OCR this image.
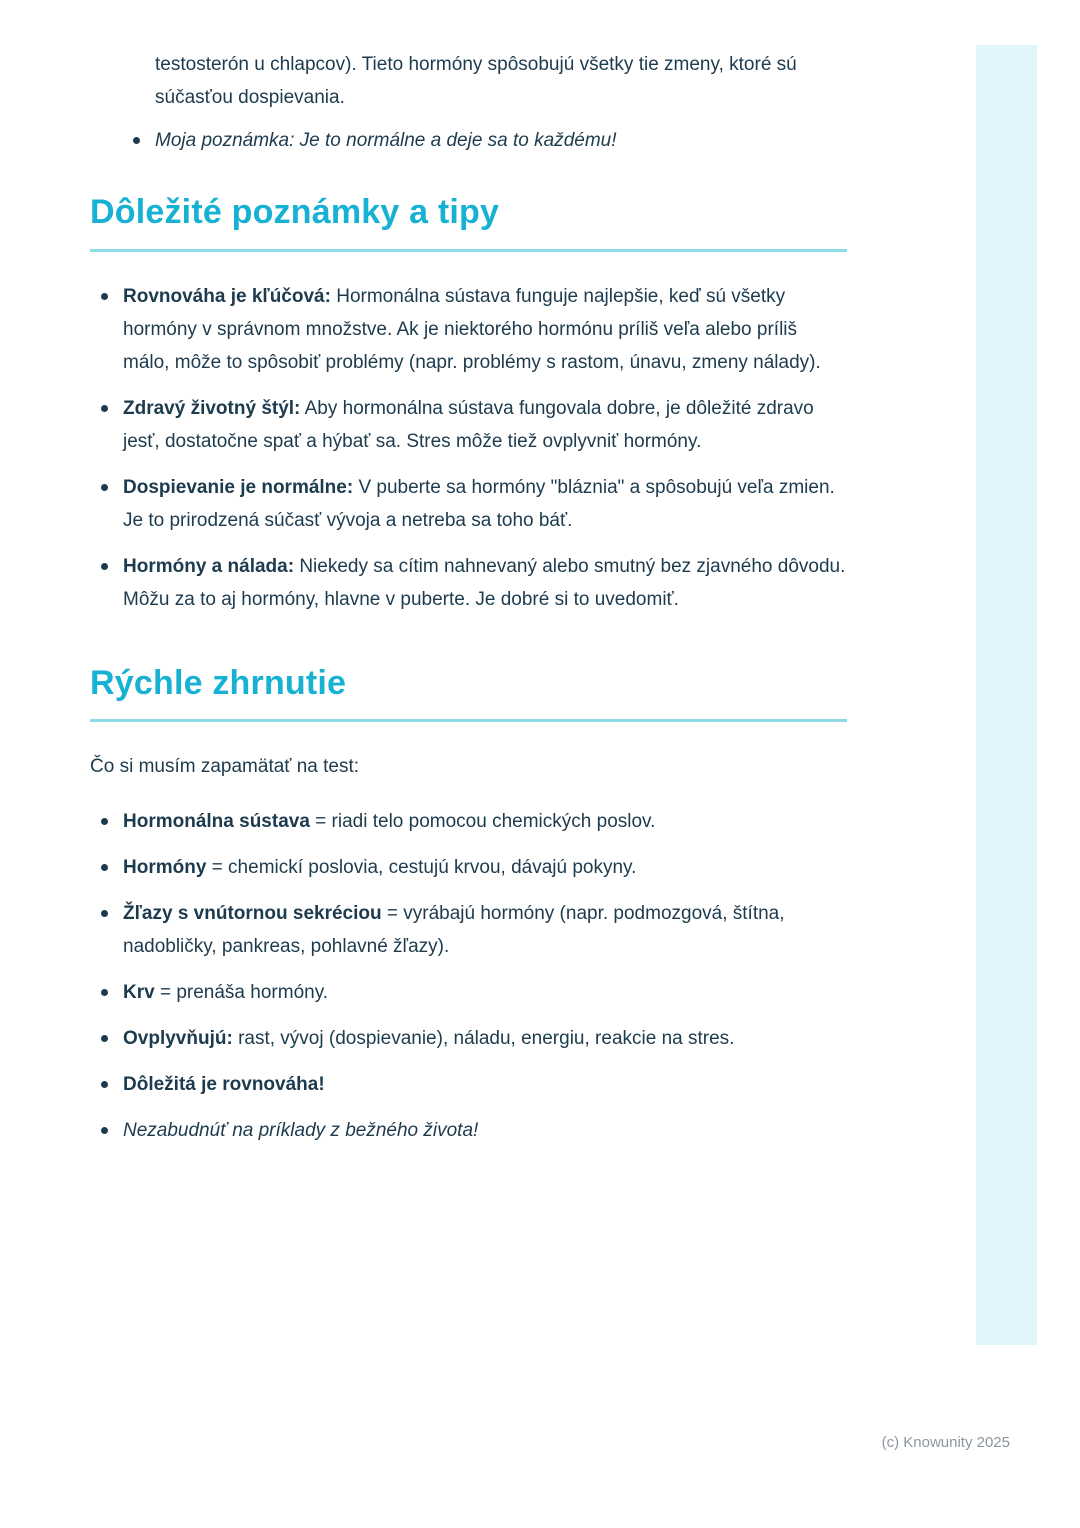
testosterón u chlapcov). Tieto hormóny spôsobujú všetky tie zmeny, ktoré sú súčasťou dospievania.

Moja poznámka: Je to normálne a deje sa to každému!
Dôležité poznámky a tipy
Rovnováha je kľúčová: Hormonálna sústava funguje najlepšie, keď sú všetky hormóny v správnom množstve. Ak je niektorého hormónu príliš veľa alebo príliš málo, môže to spôsobiť problémy (napr. problémy s rastom, únavu, zmeny nálady).
Zdravý životný štýl: Aby hormonálna sústava fungovala dobre, je dôležité zdravo jesť, dostatočne spať a hýbať sa. Stres môže tiež ovplyvniť hormóny.
Dospievanie je normálne: V puberte sa hormóny "bláznia" a spôsobujú veľa zmien. Je to prirodzená súčasť vývoja a netreba sa toho báť.
Hormóny a nálada: Niekedy sa cítim nahnevaný alebo smutný bez zjavného dôvodu. Môžu za to aj hormóny, hlavne v puberte. Je dobré si to uvedomiť.
Rýchle zhrnutie

Čo si musím zapamätať na test:

Hormonálna sústava = riadi telo pomocou chemických poslov.
Hormóny = chemickí poslovia, cestujú krvou, dávajú pokyny.
Žľazy s vnútornou sekréciou = vyrábajú hormóny (napr. podmozgová, štítna, nadobličky, pankreas, pohlavné žľazy).
Krv = prenáša hormóny.
Ovplyvňujú: rast, vývoj (dospievanie), náladu, energiu, reakcie na stres.
Dôležitá je rovnováha!
Nezabudnúť na príklady z bežného života!
(c) Knowunity 2025
